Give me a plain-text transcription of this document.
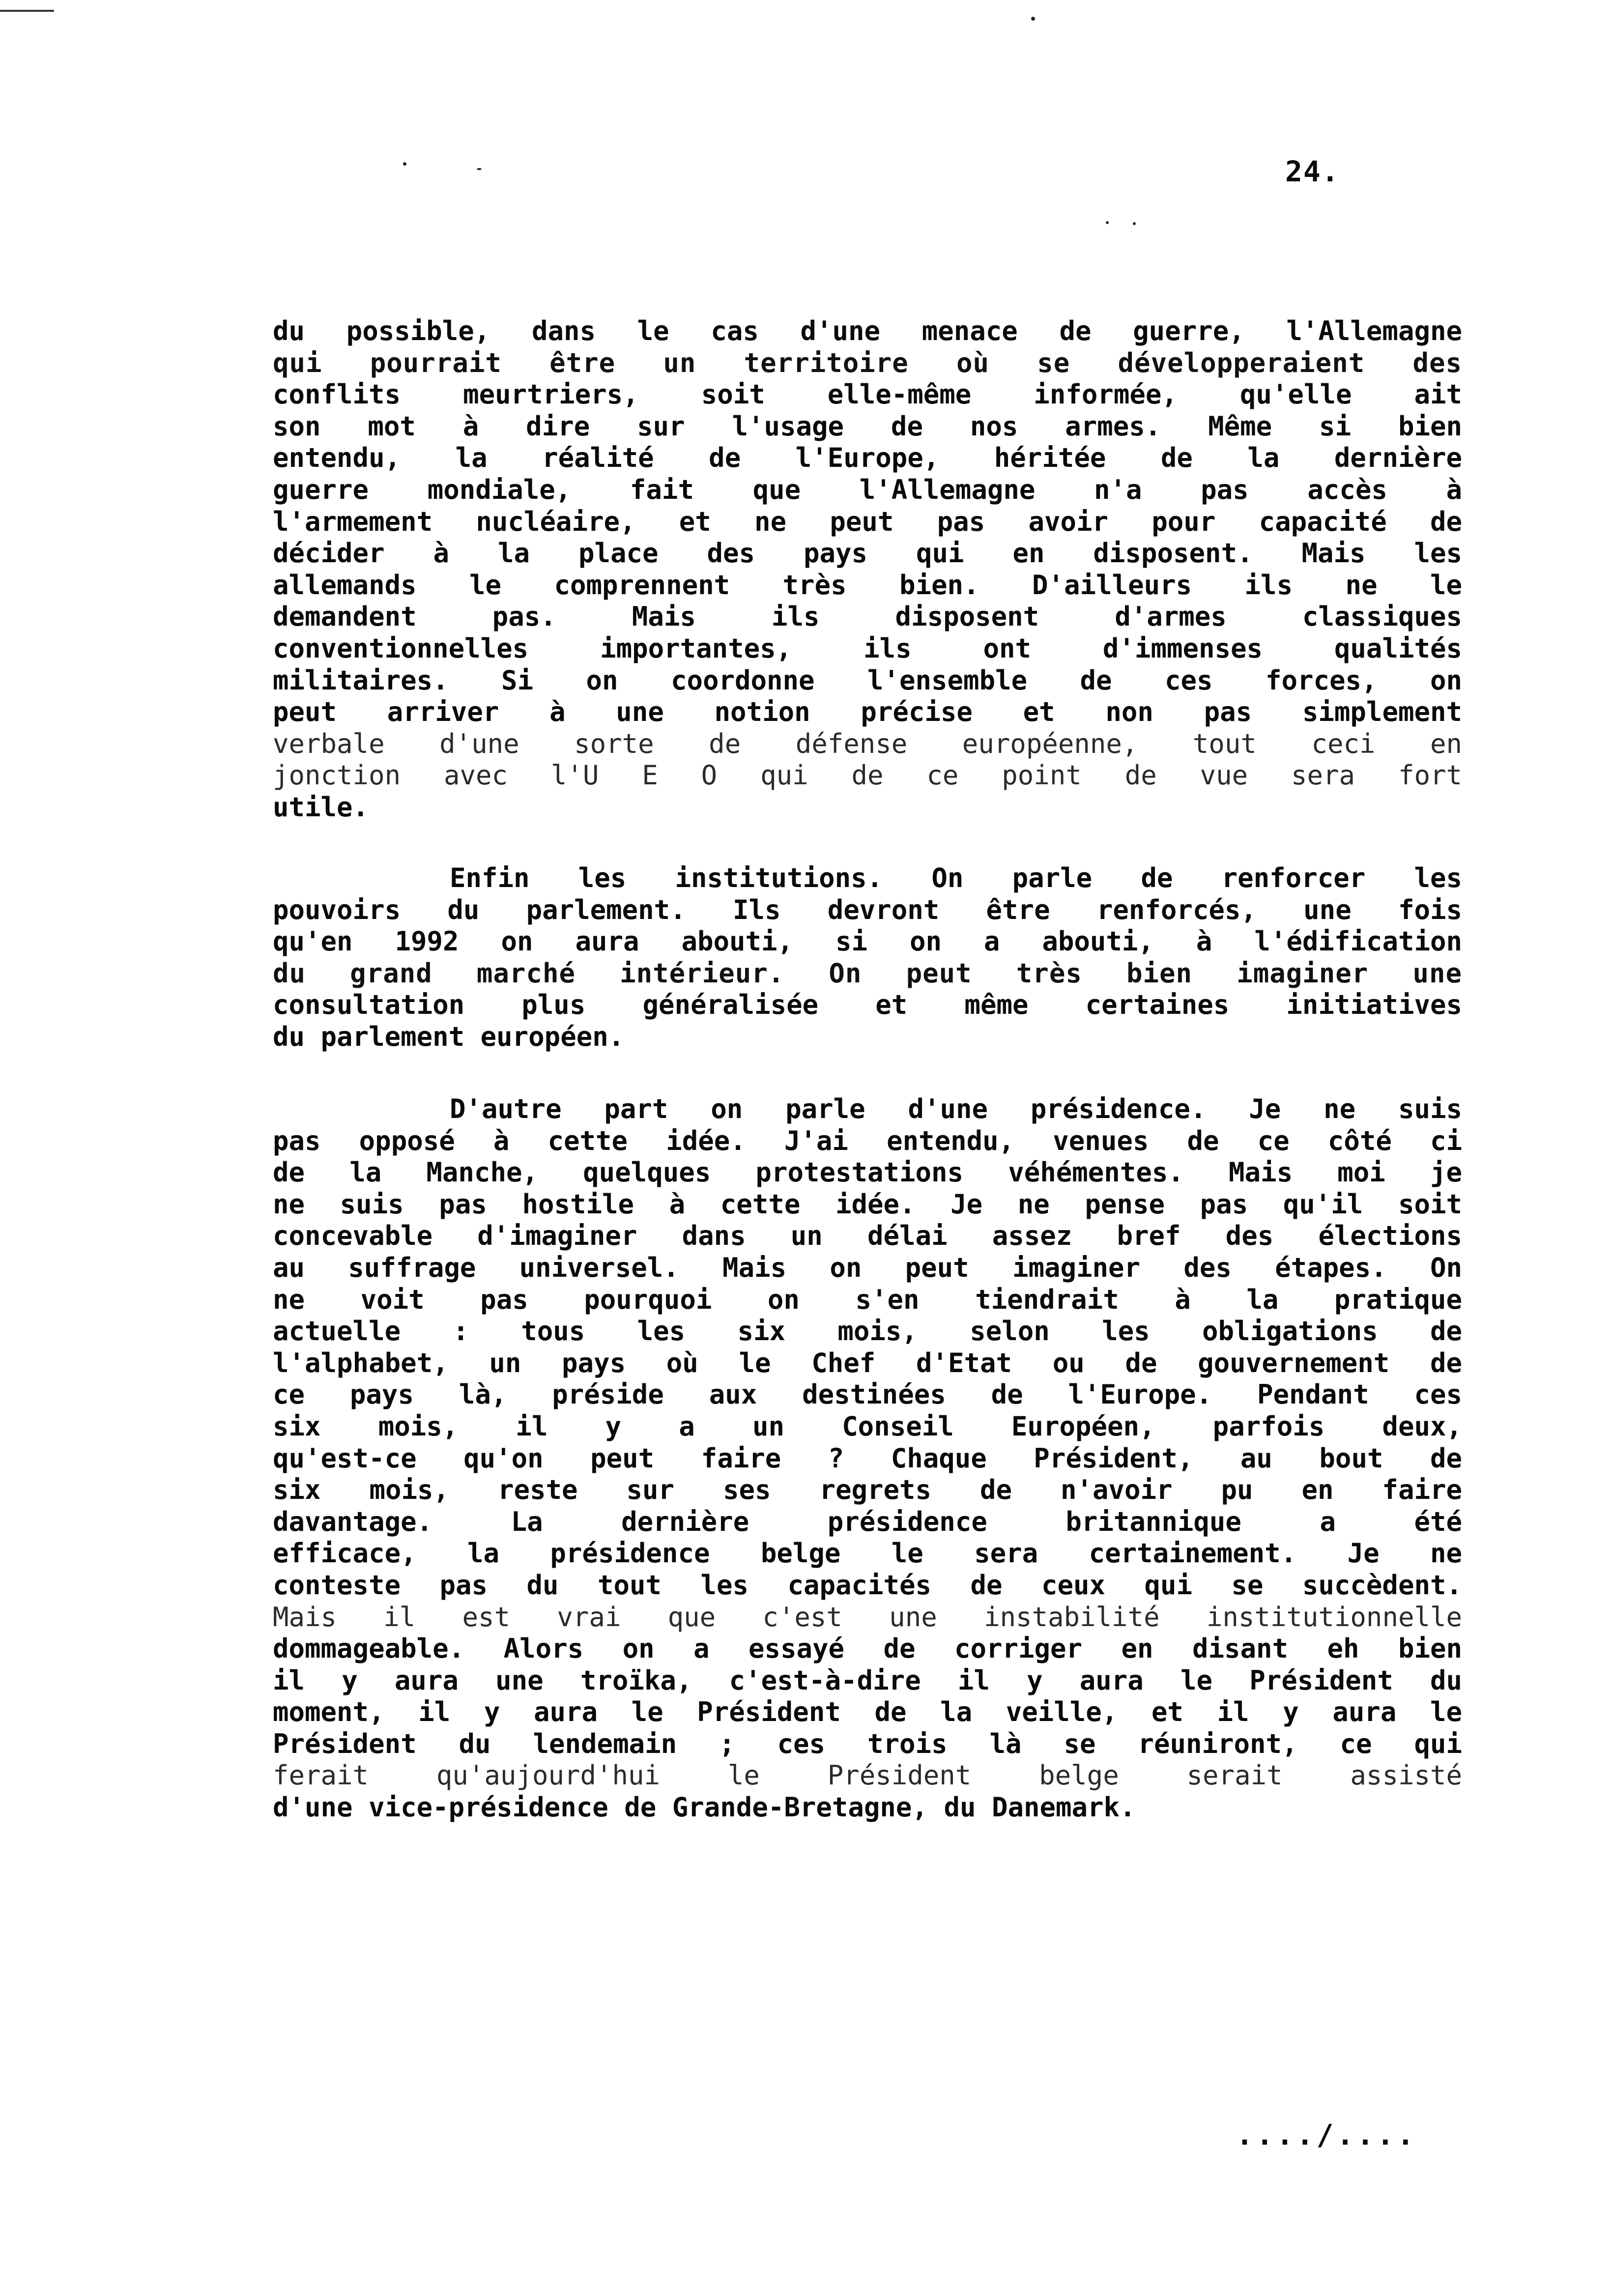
24.
du possible, dans le cas d'une menace de guerre, l'Allemagne
qui pourrait être un territoire où se développeraient des
conflits meurtriers, soit elle-même informée, qu'elle ait
son mot à dire sur l'usage de nos armes. Même si bien
entendu, la réalité de l'Europe, héritée de la dernière
guerre mondiale, fait que l'Allemagne n'a pas accès à
l'armement nucléaire, et ne peut pas avoir pour capacité de
décider à la place des pays qui en disposent. Mais les
allemands le comprennent très bien. D'ailleurs ils ne le
demandent pas. Mais ils disposent d'armes classiques
conventionnelles importantes, ils ont d'immenses qualités
militaires. Si on coordonne l'ensemble de ces forces, on
peut arriver à une notion précise et non pas simplement
verbale d'une sorte de défense européenne, tout ceci en
jonction avec l'U E O qui de ce point de vue sera fort
utile.
Enfin les institutions. On parle de renforcer les
pouvoirs du parlement. Ils devront être renforcés, une fois
qu'en 1992 on aura abouti, si on a abouti, à l'édification
du grand marché intérieur. On peut très bien imaginer une
consultation plus généralisée et même certaines initiatives
du parlement européen.
D'autre part on parle d'une présidence. Je ne suis
pas opposé à cette idée. J'ai entendu, venues de ce côté ci
de la Manche, quelques protestations véhémentes. Mais moi je
ne suis pas hostile à cette idée. Je ne pense pas qu'il soit
concevable d'imaginer dans un délai assez bref des élections
au suffrage universel. Mais on peut imaginer des étapes. On
ne voit pas pourquoi on s'en tiendrait à la pratique
actuelle : tous les six mois, selon les obligations de
l'alphabet, un pays où le Chef d'Etat ou de gouvernement de
ce pays là, préside aux destinées de l'Europe. Pendant ces
six mois, il y a un Conseil Européen, parfois deux,
qu'est-ce qu'on peut faire ? Chaque Président, au bout de
six mois, reste sur ses regrets de n'avoir pu en faire
davantage. La dernière présidence britannique a été
efficace, la présidence belge le sera certainement. Je ne
conteste pas du tout les capacités de ceux qui se succèdent.
Mais il est vrai que c'est une instabilité institutionnelle
dommageable. Alors on a essayé de corriger en disant eh bien
il y aura une troïka, c'est-à-dire il y aura le Président du
moment, il y aura le Président de la veille, et il y aura le
Président du lendemain ; ces trois là se réuniront, ce qui
ferait qu'aujourd'hui le Président belge serait assisté
d'une vice-présidence de Grande-Bretagne, du Danemark.
..../....
